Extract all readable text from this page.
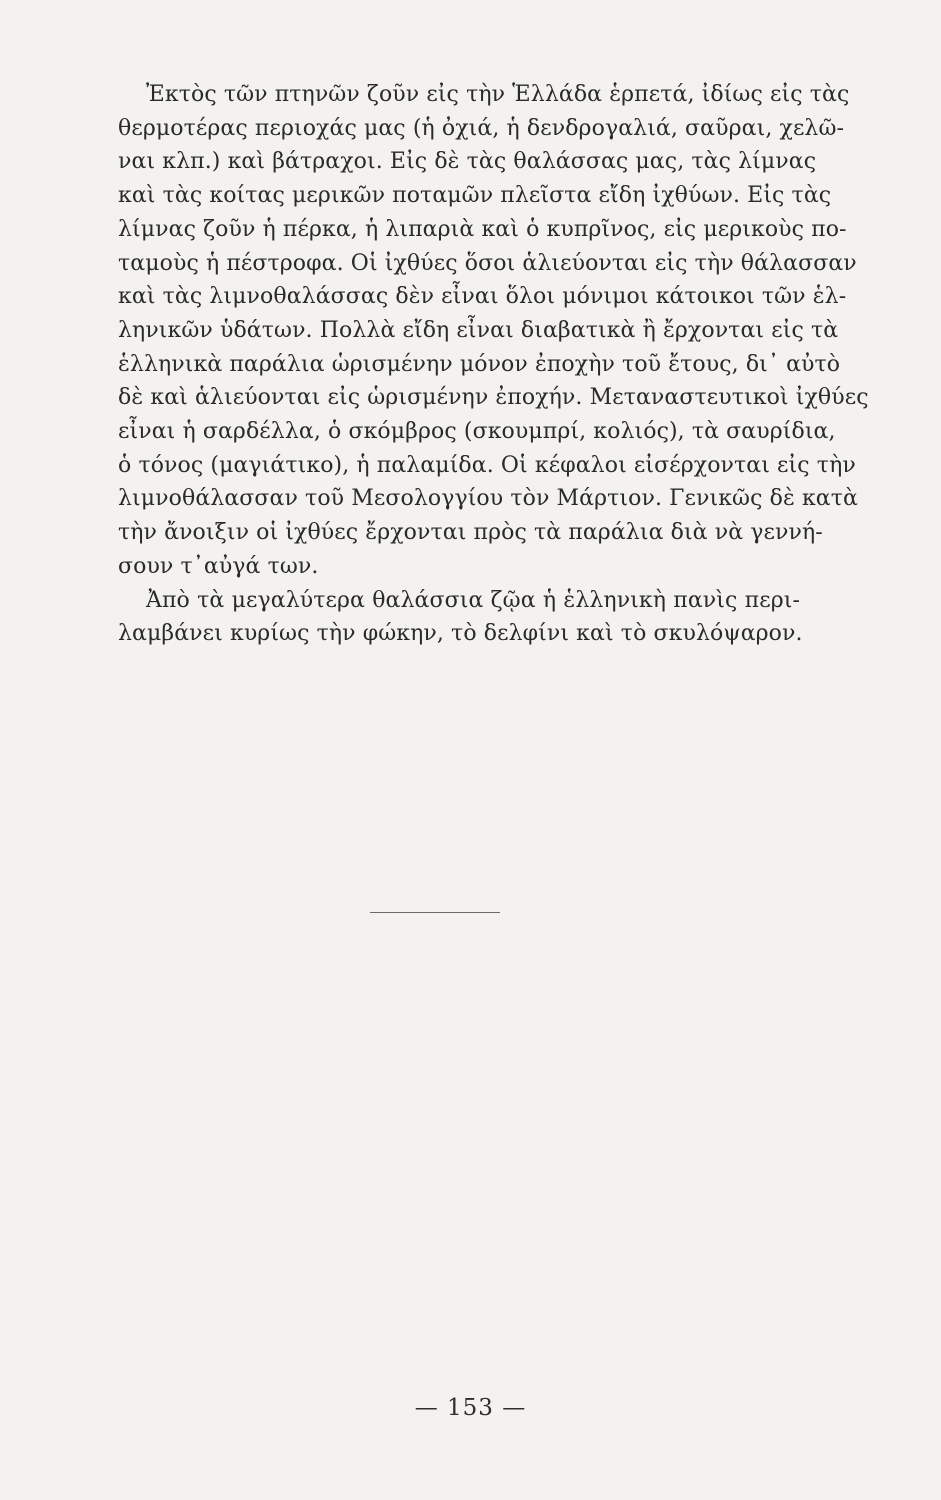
Ἐκτὸς τῶν πτηνῶν ζοῦν εἰς τὴν Ἑλλάδα ἑρπετά, ἰδίως εἰς τὰς
θερμοτέρας περιοχάς μας (ἡ ὀχιά, ἡ δενδρογαλιά, σαῦραι, χελῶ-
ναι κλπ.) καὶ βάτραχοι. Εἰς δὲ τὰς θαλάσσας μας, τὰς λίμνας
καὶ τὰς κοίτας μερικῶν ποταμῶν πλεῖστα εἴδη ἰχθύων. Εἰς τὰς
λίμνας ζοῦν ἡ πέρκα, ἡ λιπαριὰ καὶ ὁ κυπρῖνος, εἰς μερικοὺς πο-
ταμοὺς ἡ πέστροφα. Οἱ ἰχθύες ὅσοι ἁλιεύονται εἰς τὴν θάλασσαν
καὶ τὰς λιμνοθαλάσσας δὲν εἶναι ὅλοι μόνιμοι κάτοικοι τῶν ἑλ-
ληνικῶν ὑδάτων. Πολλὰ εἴδη εἶναι διαβατικὰ ἢ ἔρχονται εἰς τὰ
ἑλληνικὰ παράλια ὡρισμένην μόνον ἐποχὴν τοῦ ἔτους, δι᾿ αὐτὸ
δὲ καὶ ἁλιεύονται εἰς ὡρισμένην ἐποχήν. Μεταναστευτικοὶ ἰχθύες
εἶναι ἡ σαρδέλλα, ὁ σκόμβρος (σκουμπρί, κολιός), τὰ σαυρίδια,
ὁ τόνος (μαγιάτικο), ἡ παλαμίδα. Οἱ κέφαλοι εἰσέρχονται εἰς τὴν
λιμνοθάλασσαν τοῦ Μεσολογγίου τὸν Μάρτιον. Γενικῶς δὲ κατὰ
τὴν ἄνοιξιν οἱ ἰχθύες ἔρχονται πρὸς τὰ παράλια διὰ νὰ γεννή-
σουν τ᾿αὐγά των.
Ἀπὸ τὰ μεγαλύτερα θαλάσσια ζῷα ἡ ἑλληνικὴ πανὶς περι-
λαμβάνει κυρίως τὴν φώκην, τὸ δελφίνι καὶ τὸ σκυλόψαρον.
— 153 —
